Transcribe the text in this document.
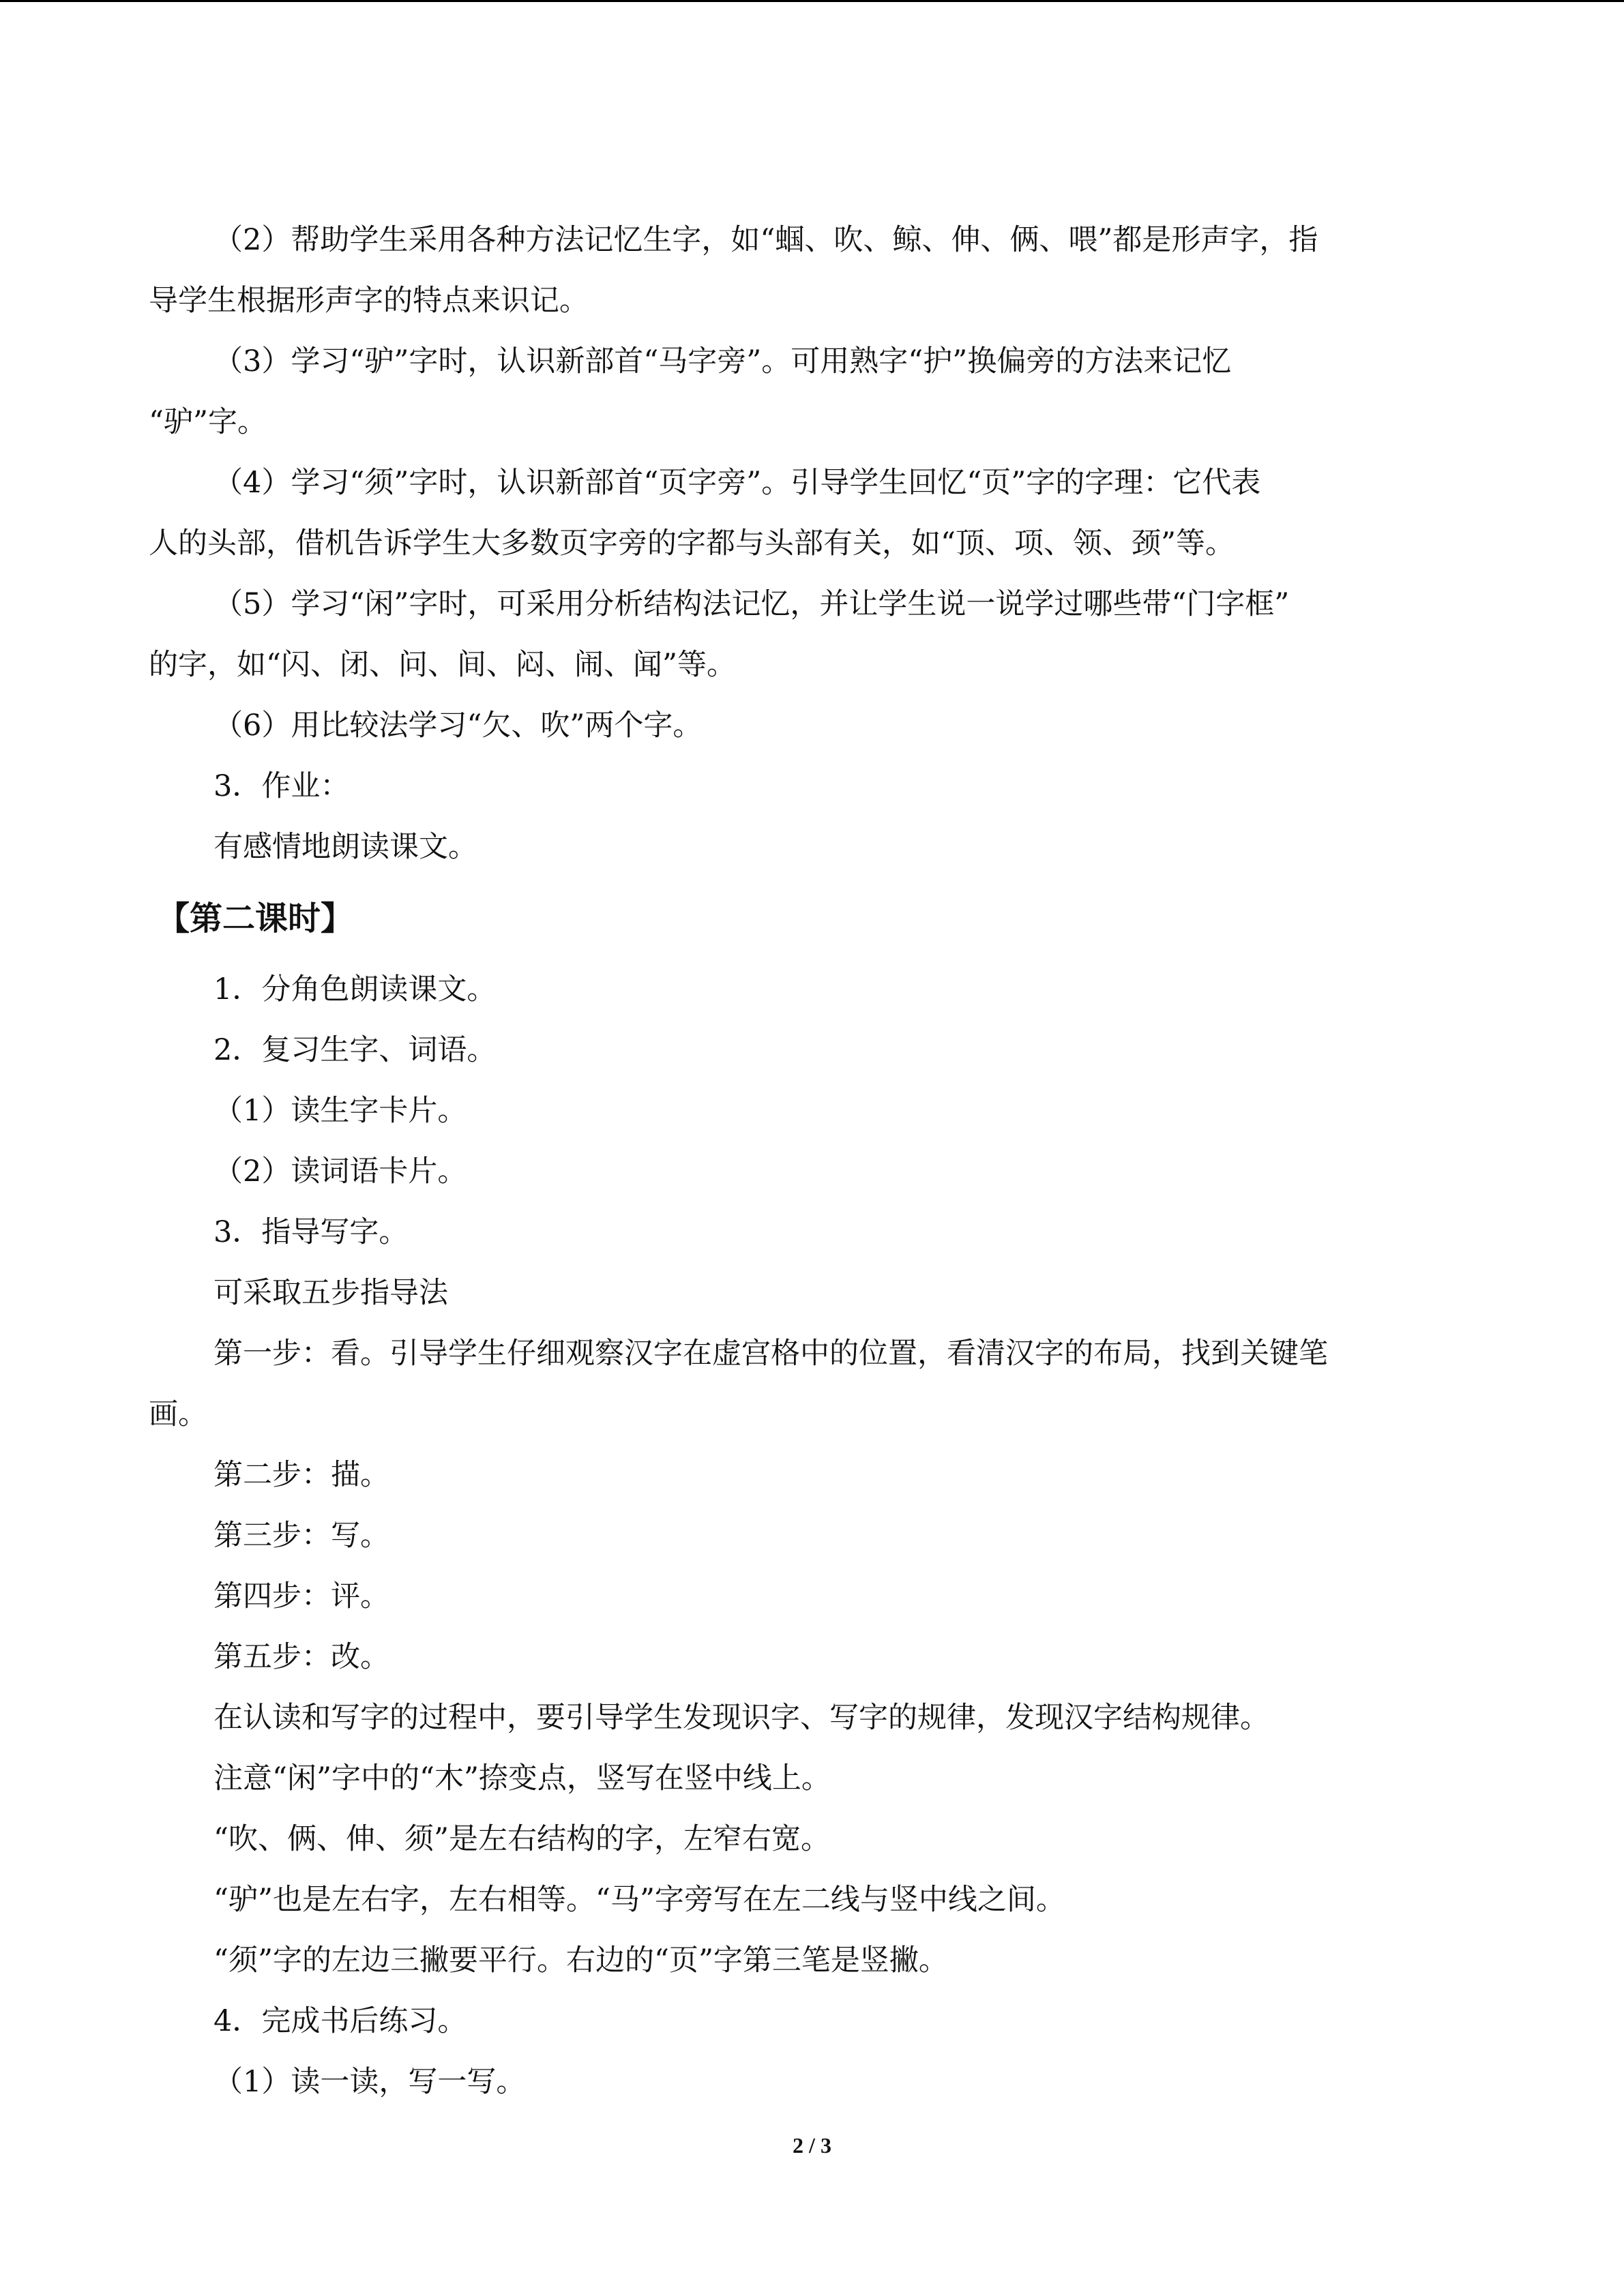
（2）帮助学生采用各种方法记忆生字，如“蝈、吹、鲸、伸、俩、喂”都是形声字，指

导学生根据形声字的特点来识记。

（3）学习“驴”字时，认识新部首“马字旁”。可用熟字“护”换偏旁的方法来记忆

“驴”字。

（4）学习“须”字时，认识新部首“页字旁”。引导学生回忆“页”字的字理：它代表

人的头部，借机告诉学生大多数页字旁的字都与头部有关，如“顶、项、领、颈”等。

（5）学习“闲”字时，可采用分析结构法记忆，并让学生说一说学过哪些带“门字框”

的字，如“闪、闭、问、间、闷、闹、闻”等。

（6）用比较法学习“欠、吹”两个字。

3．作业：

有感情地朗读课文。

【第二课时】

1．分角色朗读课文。

2．复习生字、词语。

（1）读生字卡片。

（2）读词语卡片。

3．指导写字。

可采取五步指导法

第一步：看。引导学生仔细观察汉字在虚宫格中的位置，看清汉字的布局，找到关键笔

画。

第二步：描。

第三步：写。

第四步：评。

第五步：改。

在认读和写字的过程中，要引导学生发现识字、写字的规律，发现汉字结构规律。

注意“闲”字中的“木”捺变点，竖写在竖中线上。

“吹、俩、伸、须”是左右结构的字，左窄右宽。

“驴”也是左右字，左右相等。“马”字旁写在左二线与竖中线之间。

“须”字的左边三撇要平行。右边的“页”字第三笔是竖撇。

4．完成书后练习。

（1）读一读，写一写。

2 / 3
